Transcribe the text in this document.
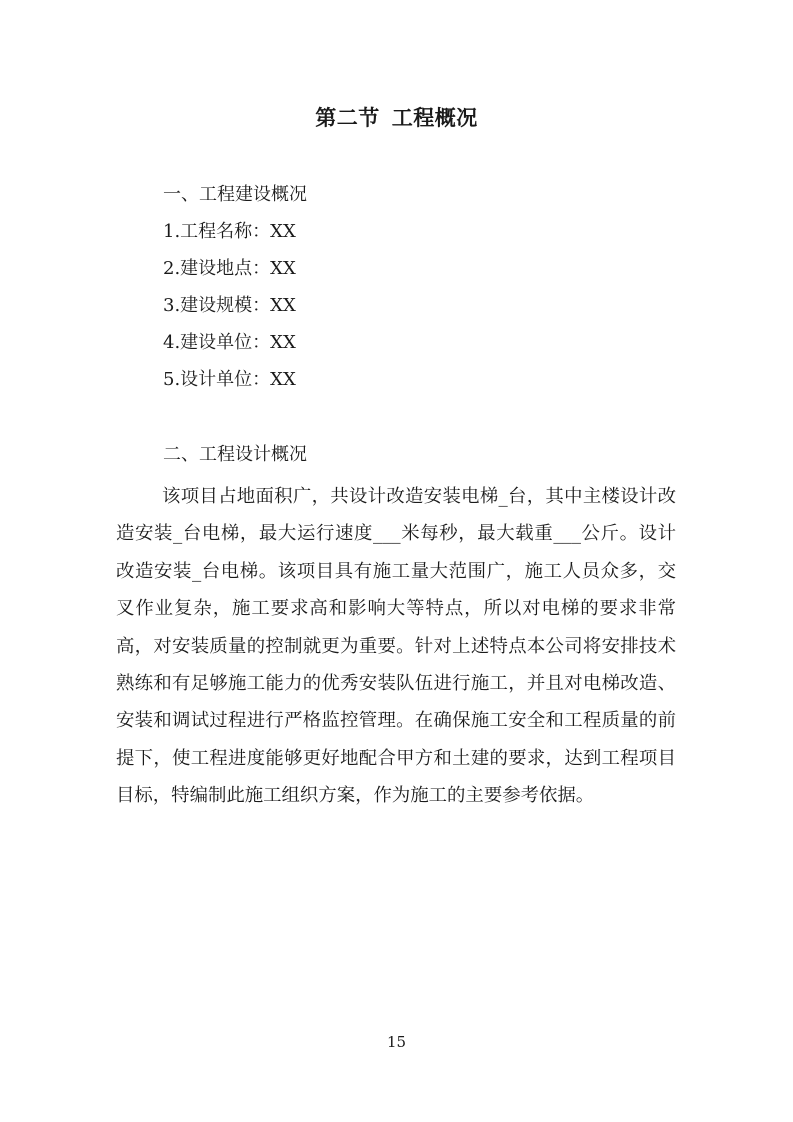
第二节 工程概况
一、工程建设概况
1.工程名称：XX
2.建设地点：XX
3.建设规模：XX
4.建设单位：XX
5.设计单位：XX
二、工程设计概况

该项目占地面积广，共设计改造安装电梯_台，其中主楼设计改造安装_台电梯，最大运行速度___米每秒，最大载重___公斤。设计改造安装_台电梯。该项目具有施工量大范围广，施工人员众多，交叉作业复杂，施工要求高和影响大等特点，所以对电梯的要求非常高，对安装质量的控制就更为重要。针对上述特点本公司将安排技术熟练和有足够施工能力的优秀安装队伍进行施工，并且对电梯改造、安装和调试过程进行严格监控管理。在确保施工安全和工程质量的前提下，使工程进度能够更好地配合甲方和土建的要求，达到工程项目目标，特编制此施工组织方案，作为施工的主要参考依据。

15
